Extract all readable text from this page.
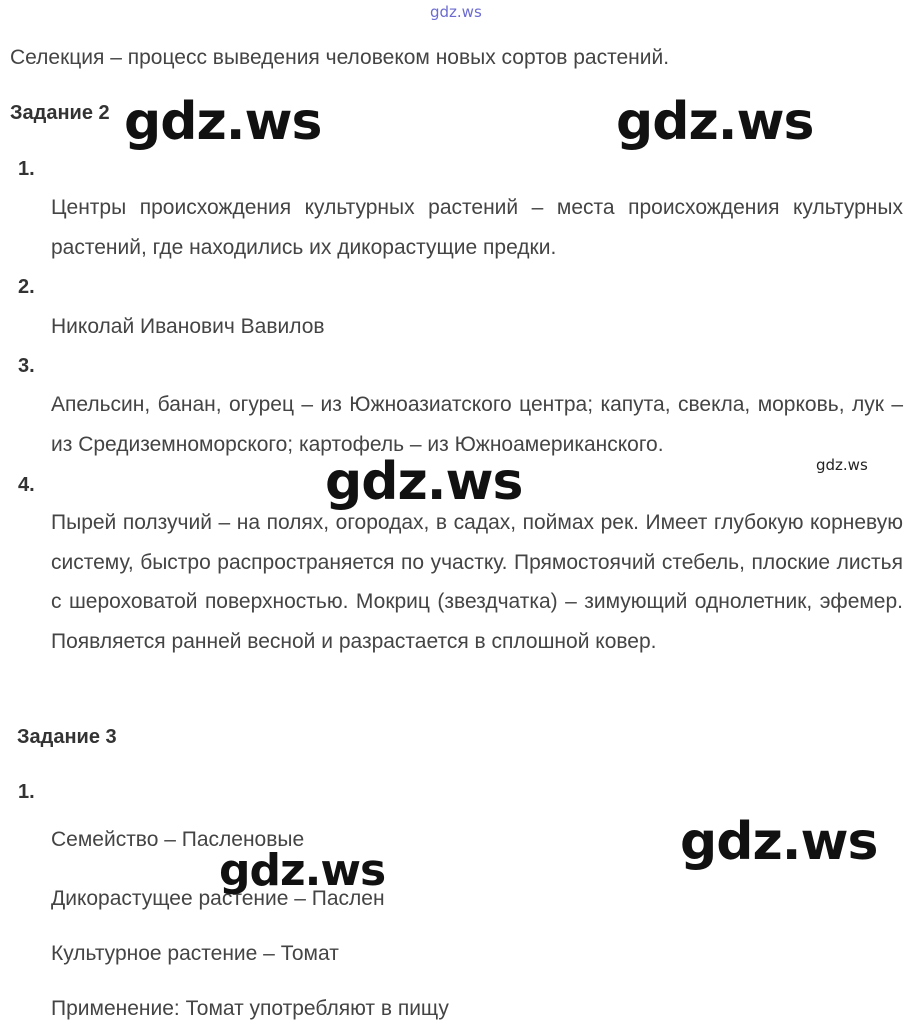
gdz.ws
Селекция – процесс выведения человеком новых сортов растений.
Задание 2
1.
Центры происхождения культурных растений – места происхождения культурных растений, где находились их дикорастущие предки.
2.
Николай Иванович Вавилов
3.
Апельсин, банан, огурец – из Южноазиатского центра; капута, свекла, морковь, лук – из Средиземноморского; картофель – из Южноамериканского.
4.
Пырей ползучий – на полях, огородах, в садах, поймах рек. Имеет глубокую корневую систему, быстро распространяется по участку. Прямостоячий стебель, плоские листья с шероховатой поверхностью. Мокриц (звездчатка) – зимующий однолетник, эфемер. Появляется ранней весной и разрастается в сплошной ковер.
Задание 3
1.
Семейство – Пасленовые
Дикорастущее растение – Паслен
Культурное растение – Томат
Применение: Томат употребляют в пищу
gdz.ws	gdz.ws
gdz.ws	gdz.ws
gdz.ws
gdz.ws
